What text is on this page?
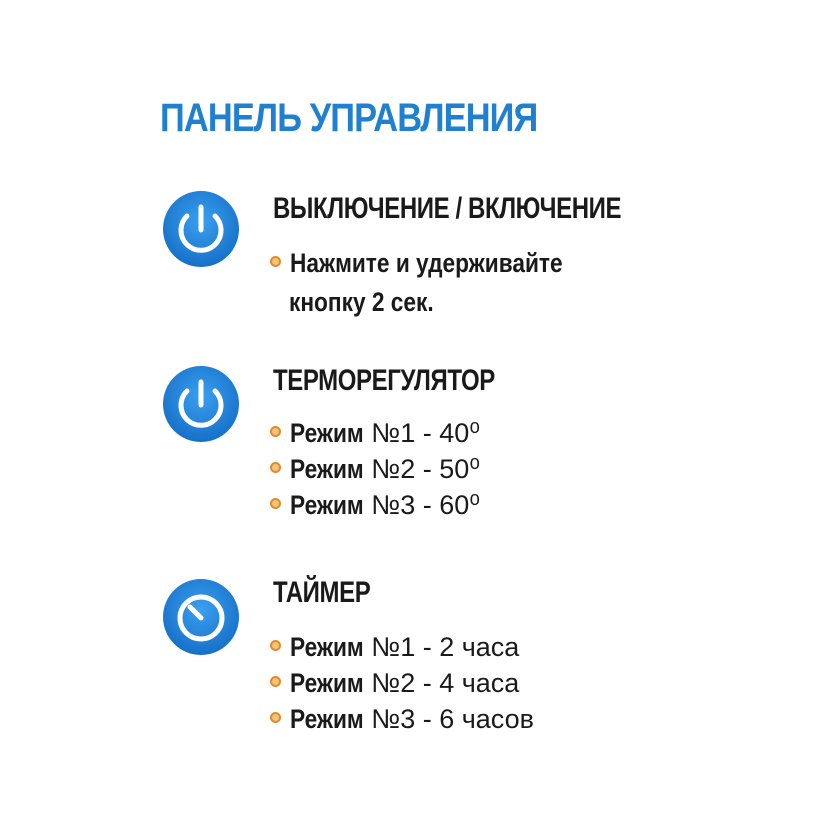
ПАНЕЛЬ УПРАВЛЕНИЯ
ВЫКЛЮЧЕНИЕ / ВКЛЮЧЕНИЕ
Нажмите и удерживайте
кнопку 2 сек.
ТЕРМОРЕГУЛЯТОР
Режим №1 - 40⁰
Режим №2 - 50⁰
Режим №3 - 60⁰
ТАЙМЕР
Режим №1 - 2 часа
Режим №2 - 4 часа
Режим №3 - 6 часов
